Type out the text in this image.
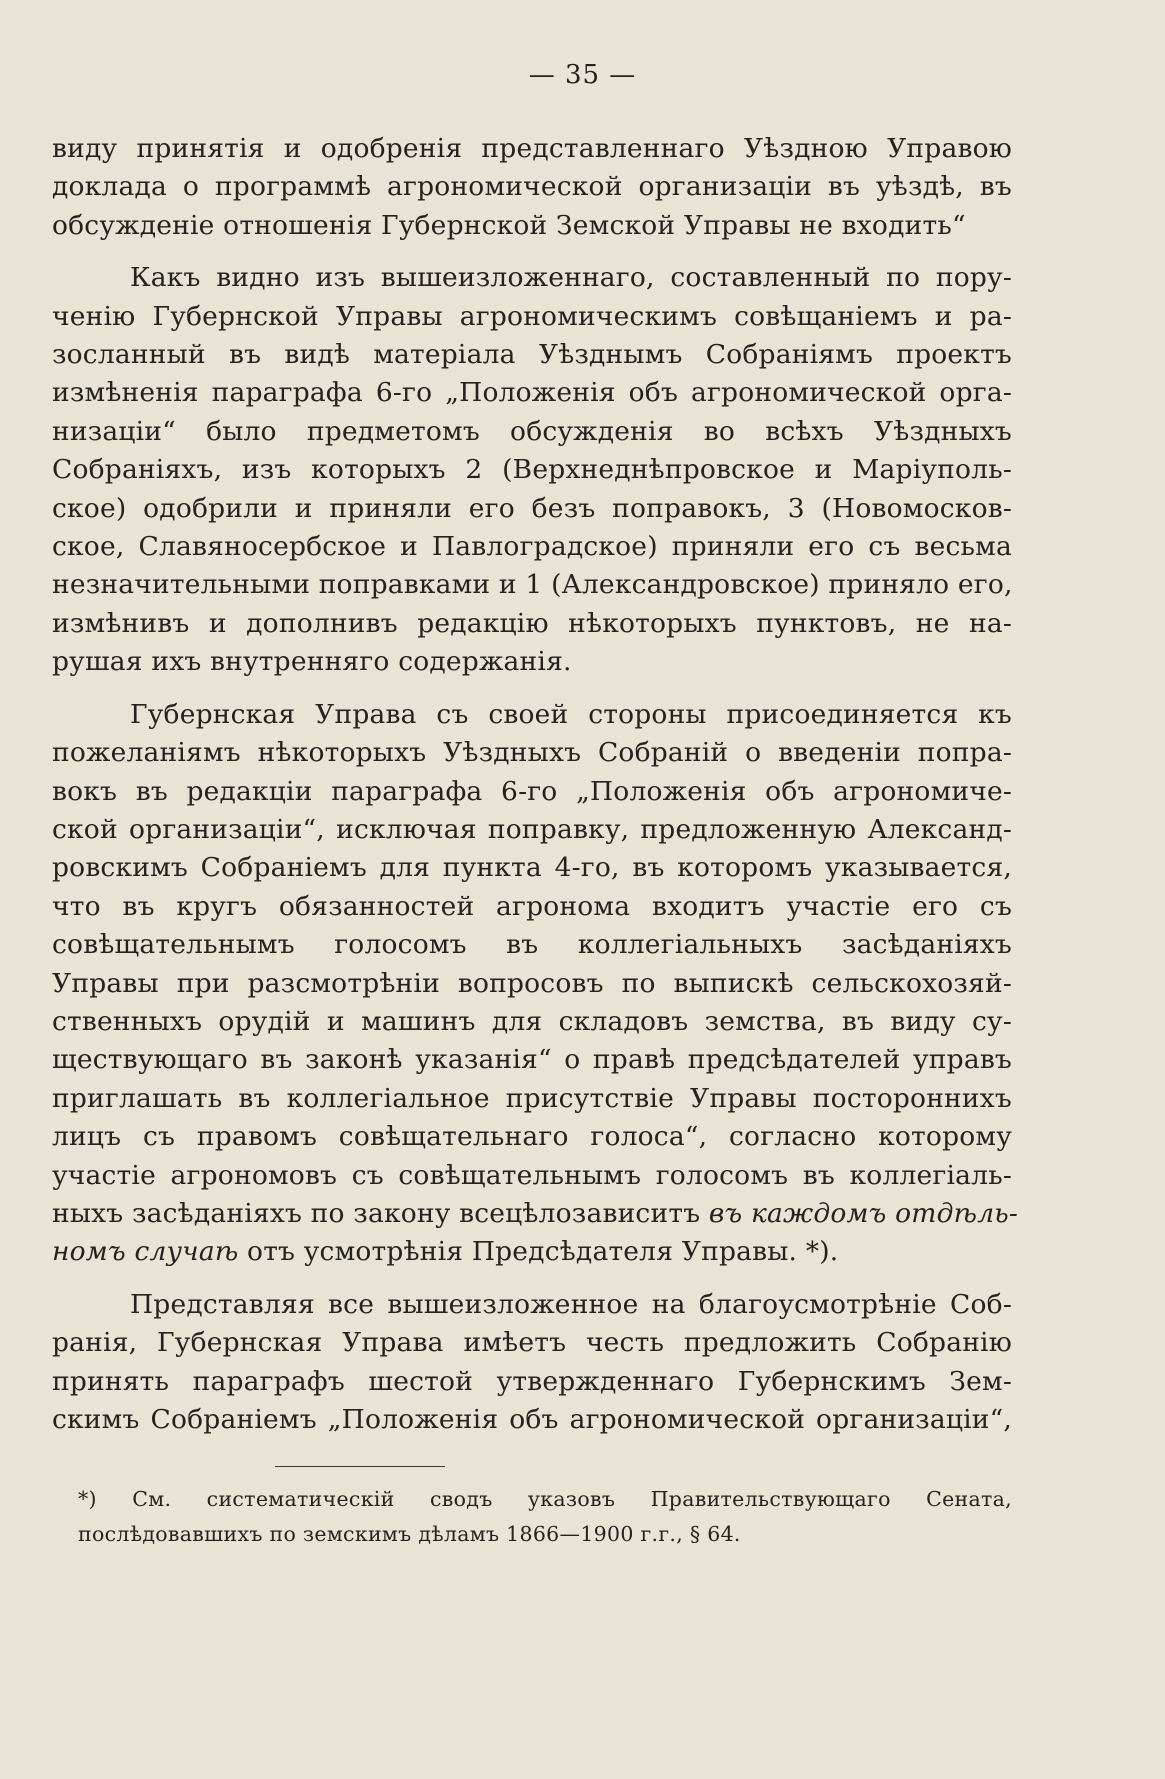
— 35 —
виду принятія и одобренія представленнаго Уѣздною Управою
доклада о программѣ агрономической организаціи въ уѣздѣ, въ
обсужденіе отношенія Губернской Земской Управы не входить“
Какъ видно изъ вышеизложеннаго, составленный по пору-
ченію Губернской Управы агрономическимъ совѣщаніемъ и ра-
зосланный въ видѣ матеріала Уѣзднымъ Собраніямъ проектъ
измѣненія параграфа 6-го „Положенія объ агрономической орга-
низаціи“ было предметомъ обсужденія во всѣхъ Уѣздныхъ
Собраніяхъ, изъ которыхъ 2 (Верхнеднѣпровское и Маріуполь-
ское) одобрили и приняли его безъ поправокъ, 3 (Новомосков-
ское, Славяносербское и Павлоградское) приняли его съ весьма
незначительными поправками и 1 (Александровское) приняло его,
измѣнивъ и дополнивъ редакцію нѣкоторыхъ пунктовъ, не на-
рушая ихъ внутренняго содержанія.
Губернская Управа съ своей стороны присоединяется къ
пожеланіямъ нѣкоторыхъ Уѣздныхъ Собраній о введеніи попра-
вокъ въ редакціи параграфа 6-го „Положенія объ агрономиче-
ской организаціи“, исключая поправку, предложенную Александ-
ровскимъ Собраніемъ для пункта 4-го, въ которомъ указывается,
что въ кругъ обязанностей агронома входитъ участіе его съ
совѣщательнымъ голосомъ въ коллегіальныхъ засѣданіяхъ
Управы при разсмотрѣніи вопросовъ по выпискѣ сельскохозяй-
ственныхъ орудій и машинъ для складовъ земства, въ виду су-
ществующаго въ законѣ указанія“ о правѣ предсѣдателей управъ
приглашать въ коллегіальное присутствіе Управы постороннихъ
лицъ съ правомъ совѣщательнаго голоса“, согласно которому
участіе агрономовъ съ совѣщательнымъ голосомъ въ коллегіаль-
ныхъ засѣданіяхъ по закону всецѣлозависитъ въ каждомъ отдѣль-
номъ случаѣ отъ усмотрѣнія Предсѣдателя Управы. *).
Представляя все вышеизложенное на благоусмотрѣніе Соб-
ранія, Губернская Управа имѣетъ честь предложить Собранію
принять параграфъ шестой утвержденнаго Губернскимъ Зем-
скимъ Собраніемъ „Положенія объ агрономической организаціи“,
*) См. систематическій сводъ указовъ Правительствующаго Сената,
послѣдовавшихъ по земскимъ дѣламъ 1866—1900 г.г., § 64.
